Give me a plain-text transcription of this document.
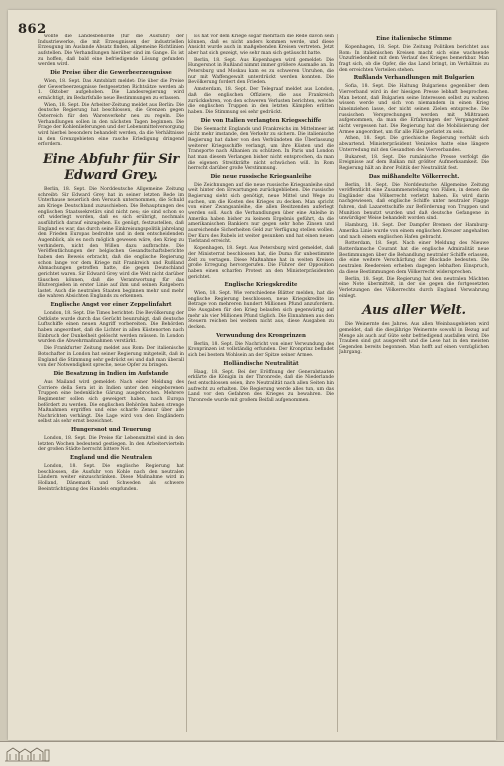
862

wollte die Landesbehörde (für die Ausfuhr) der Industriewerke, die mit Erzeugnissen der industriellen Erzeugung im Auslande Absatz finden, allgemeine Richtlinien aufstellen. Die Verhandlungen hierüber sind im Gange. Es ist zu hoffen, daß bald eine befriedigende Lösung gefunden werden wird.

Die Preise über die Gewerbeerzeugnisse

Wien, 18. Sept. Das Amtsblatt meldet: Die über die Preise der Gewerbeerzeugnisse festgesetzten Richtsätze werden ab 1. Oktober aufgehoben. Die Landesregierung wird ermächtigt, im Bedarfsfalle neue Bestimmungen zu erlassen.

Wien, 18. Sept. Die Arbeiter-Zeitung meldet aus Berlin: Die deutsche Regierung hat beschlossen, die Grenzen gegen Österreich für den Warenverkehr neu zu regeln. Die Verhandlungen sollen in den nächsten Tagen beginnen. Die Frage der Kohlenlieferungen und der Lebensmittelversorgung wird hierbei besonders behandelt werden, da die Verhältnisse in den Grenzgebieten eine rasche Erledigung dringend erfordern.

Eine Abfuhr für Sir Edward Grey.

Berlin, 18. Sept. Die Norddeutsche Allgemeine Zeitung schreibt: Sir Edward Grey hat in seiner letzten Rede im Unterhause neuerlich den Versuch unternommen, die Schuld am Kriege Deutschland zuzuschieben. Die Behauptungen des englischen Staatssekretärs sind nicht neu; sie sind schon so oft widerlegt worden, daß es sich erübrigt, nochmals ausführlich darauf einzugehen. Es genügt, festzustellen, daß England es war, das durch seine Einkreisungspolitik jahrelang den Frieden Europas bedrohte und in dem entscheidenden Augenblick, als es noch möglich gewesen wäre, den Krieg zu verhindern, nicht den Willen dazu aufbrachte. Die Veröffentlichungen der belgischen Gesandtschaftsberichte haben den Beweis erbracht, daß die englische Regierung schon lange vor dem Kriege mit Frankreich und Rußland Abmachungen getroffen hatte, die gegen Deutschland gerichtet waren. Sir Edward Grey wird die Welt nicht darüber täuschen können, daß die Verantwortung für das Blutvergießen in erster Linie auf ihm und seinen Ratgebern lastet. Auch die neutralen Staaten beginnen mehr und mehr die wahren Absichten Englands zu erkennen.

Englische Angst vor einer Zeppelinfahrt

London, 18. Sept. Die Times berichtet: Die Bevölkerung der Ostküste wurde durch das Gerücht beunruhigt, daß deutsche Luftschiffe einen neuen Angriff vorbereiten. Die Behörden haben angeordnet, daß die Lichter in allen Küstenorten nach Einbruch der Dunkelheit gelöscht werden müssen. In London wurden die Abwehrmaßnahmen verstärkt.

Die Frankfurter Zeitung meldet aus Rom: Der italienische Botschafter in London hat seiner Regierung mitgeteilt, daß in England die Stimmung sehr gedrückt sei und daß man überall von der Notwendigkeit spreche, neue Opfer zu bringen.

Die Besatzung in Indien im Aufstande

Aus Mailand wird gemeldet: Nach einer Meldung des Corriere della Sera ist in Indien unter den eingeborenen Truppen eine bedenkliche Gärung ausgebrochen. Mehrere Regimenter sollen sich geweigert haben, nach Europa befördert zu werden. Die englischen Behörden haben strenge Maßnahmen ergriffen und eine scharfe Zensur über alle Nachrichten verhängt. Die Lage wird von den Engländern selbst als sehr ernst bezeichnet.

Hungersnot und Teuerung

London, 18. Sept. Die Preise für Lebensmittel sind in den letzten Wochen bedeutend gestiegen. In den Arbeitervierteln der großen Städte herrscht bittere Not.

England und die Neutralen

London, 18. Sept. Die englische Regierung hat beschlossen, die Ausfuhr von Kohle nach den neutralen Ländern weiter einzuschränken. Diese Maßnahme wird in Holland, Dänemark und Schweden als schwere Beeinträchtigung des Handels empfunden.

Es hat vor dem Kriege sogar mehrfach die Rede davon sein können, daß es nicht anders kommen werde, und diese Ansicht wurde auch in maßgebenden Kreisen vertreten. Jetzt aber hat sich gezeigt, wie sehr man sich getäuscht hatte.

Berlin, 18. Sept. Aus Kopenhagen wird gemeldet: Die Hungersnot in Rußland nimmt immer größere Ausmaße an. In Petersburg und Moskau kam es zu schweren Unruhen, die nur mit Waffengewalt unterdrückt werden konnten. Die Bevölkerung fordert den Frieden.

Amsterdam, 18. Sept. Der Telegraaf meldet aus London, daß die englischen Offiziere, die aus Frankreich zurückkehren, von den schweren Verlusten berichten, welche die englischen Truppen in den letzten Kämpfen erlitten haben. Die Stimmung sei sehr gedrückt.

Die von Italien verlangten Kriegsschiffe

Die Seemacht Englands und Frankreichs im Mittelmeer ist nicht mehr imstande, den Verkehr zu sichern. Die italienische Regierung hat daher von den Verbündeten die Überlassung weiterer Kriegsschiffe verlangt, um ihre Küsten und die Transporte nach Albanien zu schützen. In Paris und London hat man diesem Verlangen bisher nicht entsprochen, da man die eigenen Streitkräfte nicht schwächen will. In Rom herrscht darüber große Verstimmung.

Die neue russische Kriegsanleihe

Die Zeichnungen auf die neue russische Kriegsanleihe sind weit hinter den Erwartungen zurückgeblieben. Die russische Regierung sieht sich genötigt, neue Mittel und Wege zu suchen, um die Kosten des Krieges zu decken. Man spricht von einer Zwangsanleihe, die allen Besitzenden auferlegt werden soll. Auch die Verhandlungen über eine Anleihe in Amerika haben bisher zu keinem Ergebnis geführt, da die amerikanischen Bankiers nur gegen sehr hohe Zinsen und ausreichende Sicherheiten Geld zur Verfügung stellen wollen. Der Kurs des Rubels ist weiter gesunken und hat einen neuen Tiefstand erreicht.

Kopenhagen, 18. Sept. Aus Petersburg wird gemeldet, daß der Ministerrat beschlossen hat, die Duma für unbestimmte Zeit zu vertagen. Diese Maßnahme hat in weiten Kreisen große Erregung hervorgerufen. Die Führer der Opposition haben einen scharfen Protest an den Ministerpräsidenten gerichtet.

Englische Kriegskredite

Wien, 18. Sept. Wie verschiedene Blätter melden, hat die englische Regierung beschlossen, neue Kriegskredite im Betrage von mehreren hundert Millionen Pfund anzufordern. Die Ausgaben für den Krieg belaufen sich gegenwärtig auf mehr als vier Millionen Pfund täglich. Die Einnahmen aus den Steuern reichen bei weitem nicht aus, diese Ausgaben zu decken.

Verwundung des Kronprinzen

Berlin, 18. Sept. Die Nachricht von einer Verwundung des Kronprinzen ist vollständig erfunden. Der Kronprinz befindet sich bei bestem Wohlsein an der Spitze seiner Armee.

Holländische Neutralität

Haag, 18. Sept. Bei der Eröffnung der Generalstaaten erklärte die Königin in der Thronrede, daß die Niederlande fest entschlossen seien, ihre Neutralität nach allen Seiten hin aufrecht zu erhalten. Die Regierung werde alles tun, um das Land vor den Gefahren des Krieges zu bewahren. Die Thronrede wurde mit großem Beifall aufgenommen.

Eine italienische Stimme

Kopenhagen, 18. Sept. Die Zeitung Politiken berichtet aus Rom: In italienischen Kreisen macht sich eine wachsende Unzufriedenheit mit dem Verlauf des Krieges bemerkbar. Man fragt sich, ob die Opfer, die das Land bringt, im Verhältnis zu den erreichten Vorteilen stehen.

Rußlands Verhandlungen mit Bulgarien

Sofia, 18. Sept. Die Haltung Bulgariens gegenüber dem Vierverband wird in der hiesigen Presse lebhaft besprochen. Man betont, daß Bulgarien seine Interessen selbst zu wahren wissen werde und sich von niemandem in einen Krieg hineinziehen lasse, der nicht seinen Zielen entspreche. Die russischen Versprechungen werden mit Mißtrauen aufgenommen, da man die Erfahrungen der Vergangenheit nicht vergessen hat. Die Regierung hat die Mobilisierung der Armee angeordnet, um für alle Fälle gerüstet zu sein.

Athen, 18. Sept. Die griechische Regierung verhält sich abwartend. Ministerpräsident Venizelos hatte eine längere Unterredung mit den Gesandten des Vierverbandes.

Bukarest, 18. Sept. Die rumänische Presse verfolgt die Ereignisse auf dem Balkan mit größter Aufmerksamkeit. Die Regierung hält an ihrer Politik der Neutralität fest.

Das mißhandelte Völkerrecht.

Berlin, 18. Sept. Die Norddeutsche Allgemeine Zeitung veröffentlicht eine Zusammenstellung von Fällen, in denen die Engländer das Völkerrecht verletzt haben. Es wird darin nachgewiesen, daß englische Schiffe unter neutraler Flagge fuhren, daß Lazarettschiffe zur Beförderung von Truppen und Munition benutzt wurden und daß deutsche Gefangene in unwürdiger Weise behandelt worden sind.

Hamburg, 18. Sept. Der Dampfer Bremen der Hamburg-Amerika Linie wurde von einem englischen Kreuzer angehalten und nach einem englischen Hafen gebracht.

Rotterdam, 18. Sept. Nach einer Meldung des Nieuwe Rotterdamsche Courant hat die englische Admiralität neue Bestimmungen über die Behandlung neutraler Schiffe erlassen, die eine weitere Verschärfung der Blockade bedeuten. Die neutralen Reedereien erheben dagegen lebhaften Einspruch, da diese Bestimmungen dem Völkerrecht widersprechen.

Berlin, 18. Sept. Die Regierung hat den neutralen Mächten eine Note übermittelt, in der sie gegen die fortgesetzten Verletzungen des Völkerrechts durch England Verwahrung einlegt.

Aus aller Welt.

Die Weinernte des Jahres. Aus allen Weinbaugebieten wird gemeldet, daß die diesjährige Weinernte sowohl in Bezug auf Menge als auch auf Güte sehr befriedigend ausfallen wird. Die Trauben sind gut ausgereift und die Lese hat in den meisten Gegenden bereits begonnen. Man hofft auf einen vorzüglichen Jahrgang.
